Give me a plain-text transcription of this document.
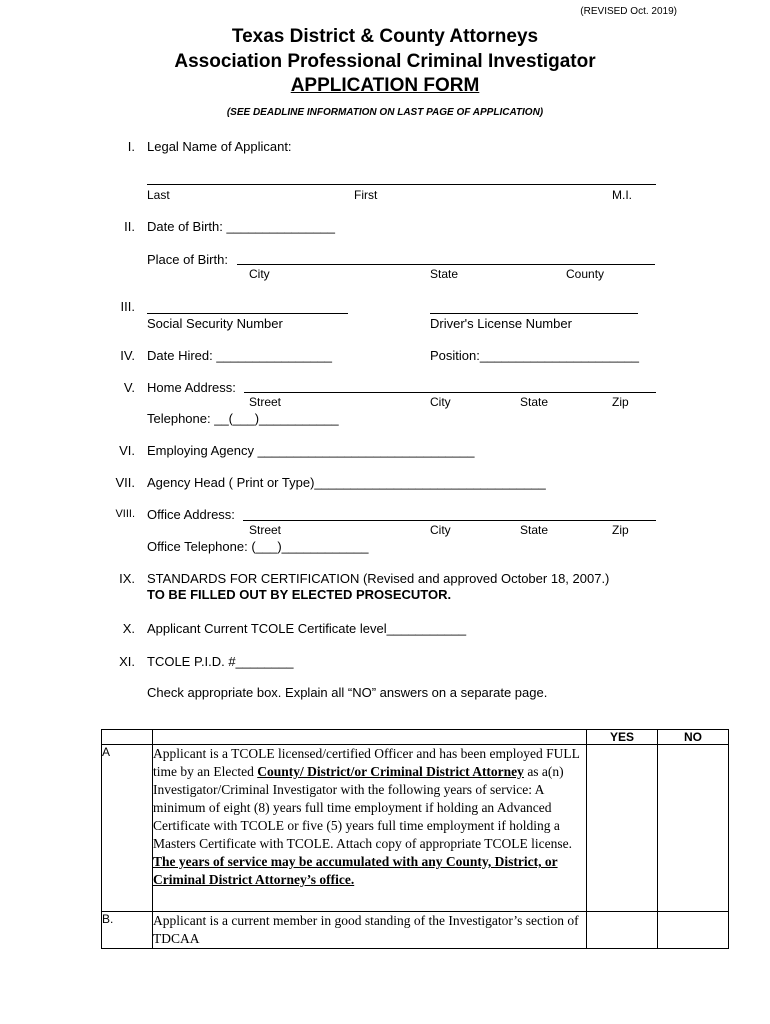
(REVISED Oct. 2019)
Texas District & County Attorneys
Association Professional Criminal Investigator
APPLICATION FORM
(SEE DEADLINE INFORMATION ON LAST PAGE OF APPLICATION)
I. Legal Name of Applicant:
Last	First	M.I.
II. Date of Birth: _______________
Place of Birth:
City	State	County
III.
Social Security Number	Driver's License Number
IV. Date Hired: ________________	Position:______________________
V. Home Address:
Street	City	State	Zip
Telephone: __(___)___________
VI. Employing Agency ______________________________
VII. Agency Head ( Print or Type)________________________________
VIII. Office Address:
Street	City	State	Zip
Office Telephone: (___)____________
IX. STANDARDS FOR CERTIFICATION (Revised and approved October 18, 2007.)
TO BE FILLED OUT BY ELECTED PROSECUTOR.
X. Applicant Current TCOLE Certificate level___________
XI. TCOLE P.I.D. #________
Check appropriate box. Explain all “NO” answers on a separate page.
		YES	NO
A	Applicant is a TCOLE licensed/certified Officer and has been employed FULL time by an Elected County/ District/or Criminal District Attorney as a(n) Investigator/Criminal Investigator with the following years of service: A minimum of eight (8) years full time employment if holding an Advanced Certificate with TCOLE or five (5) years full time employment if holding a Masters Certificate with TCOLE. Attach copy of appropriate TCOLE license. The years of service may be accumulated with any County, District, or Criminal District Attorney’s office.		
B.	Applicant is a current member in good standing of the Investigator’s section of TDCAA		
